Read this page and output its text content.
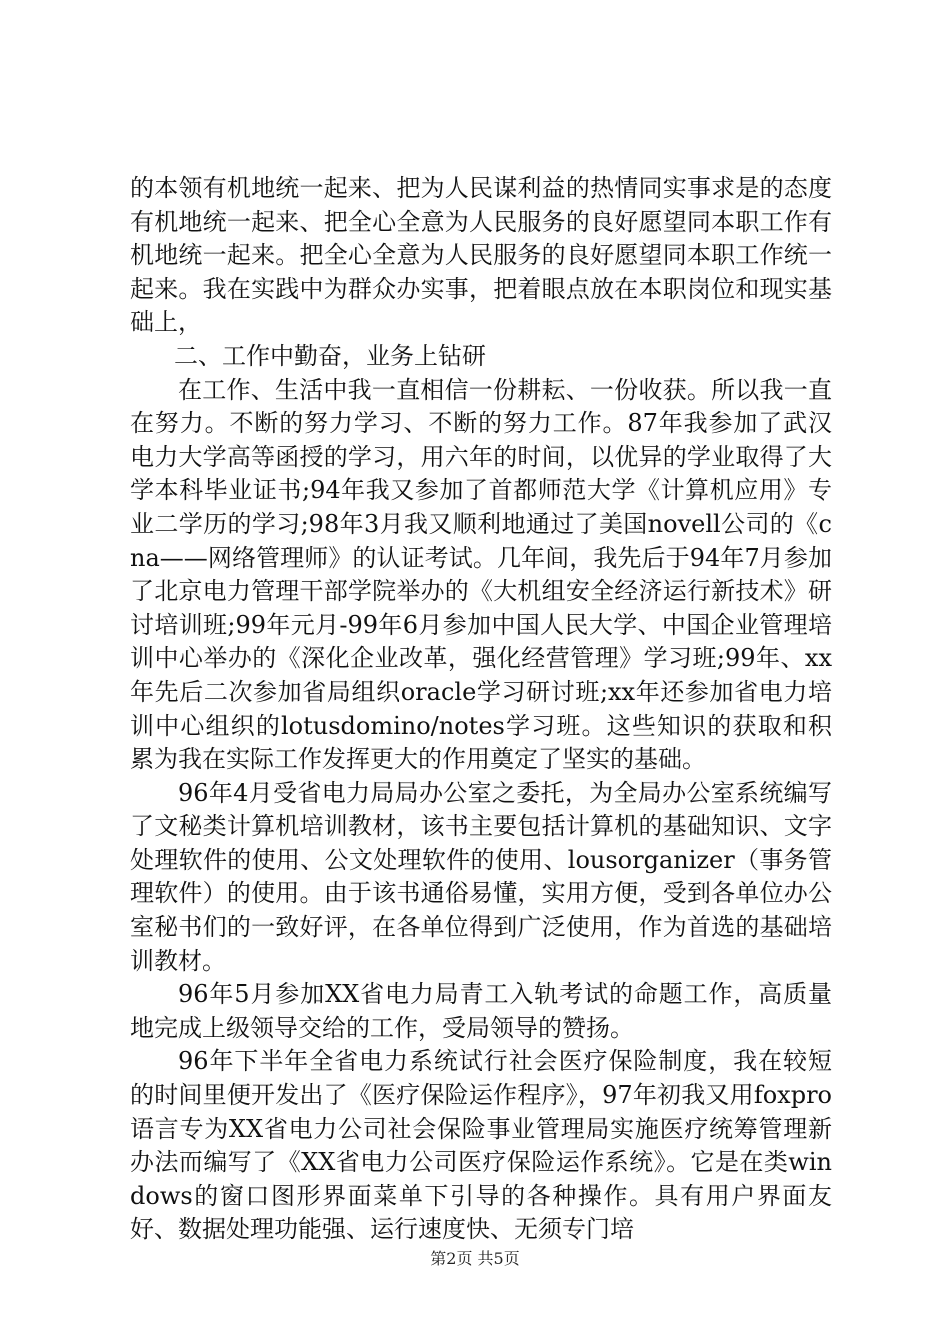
的本领有机地统一起来、把为人民谋利益的热情同实事求是的态度有机地统一起来、把全心全意为人民服务的良好愿望同本职工作有机地统一起来。把全心全意为人民服务的良好愿望同本职工作统一起来。我在实践中为群众办实事，把着眼点放在本职岗位和现实基础上，

二、工作中勤奋，业务上钻研

在工作、生活中我一直相信一份耕耘、一份收获。所以我一直在努力。不断的努力学习、不断的努力工作。87年我参加了武汉电力大学高等函授的学习，用六年的时间，以优异的学业取得了大学本科毕业证书;94年我又参加了首都师范大学《计算机应用》专业二学历的学习;98年3月我又顺利地通过了美国novell公司的《cna——网络管理师》的认证考试。几年间，我先后于94年7月参加了北京电力管理干部学院举办的《大机组安全经济运行新技术》研讨培训班;99年元月-99年6月参加中国人民大学、中国企业管理培训中心举办的《深化企业改革，强化经营管理》学习班;99年、xx年先后二次参加省局组织oracle学习研讨班;xx年还参加省电力培训中心组织的lotusdomino/notes学习班。这些知识的获取和积累为我在实际工作发挥更大的作用奠定了坚实的基础。

96年4月受省电力局局办公室之委托，为全局办公室系统编写了文秘类计算机培训教材，该书主要包括计算机的基础知识、文字处理软件的使用、公文处理软件的使用、lousorganizer（事务管理软件）的使用。由于该书通俗易懂，实用方便，受到各单位办公室秘书们的一致好评，在各单位得到广泛使用，作为首选的基础培训教材。

96年5月参加XX省电力局青工入轨考试的命题工作，高质量地完成上级领导交给的工作，受局领导的赞扬。

96年下半年全省电力系统试行社会医疗保险制度，我在较短的时间里便开发出了《医疗保险运作程序》，97年初我又用foxpro语言专为XX省电力公司社会保险事业管理局实施医疗统筹管理新办法而编写了《XX省电力公司医疗保险运作系统》。它是在类windows的窗口图形界面菜单下引导的各种操作。具有用户界面友好、数据处理功能强、运行速度快、无须专门培

第2页 共5页
